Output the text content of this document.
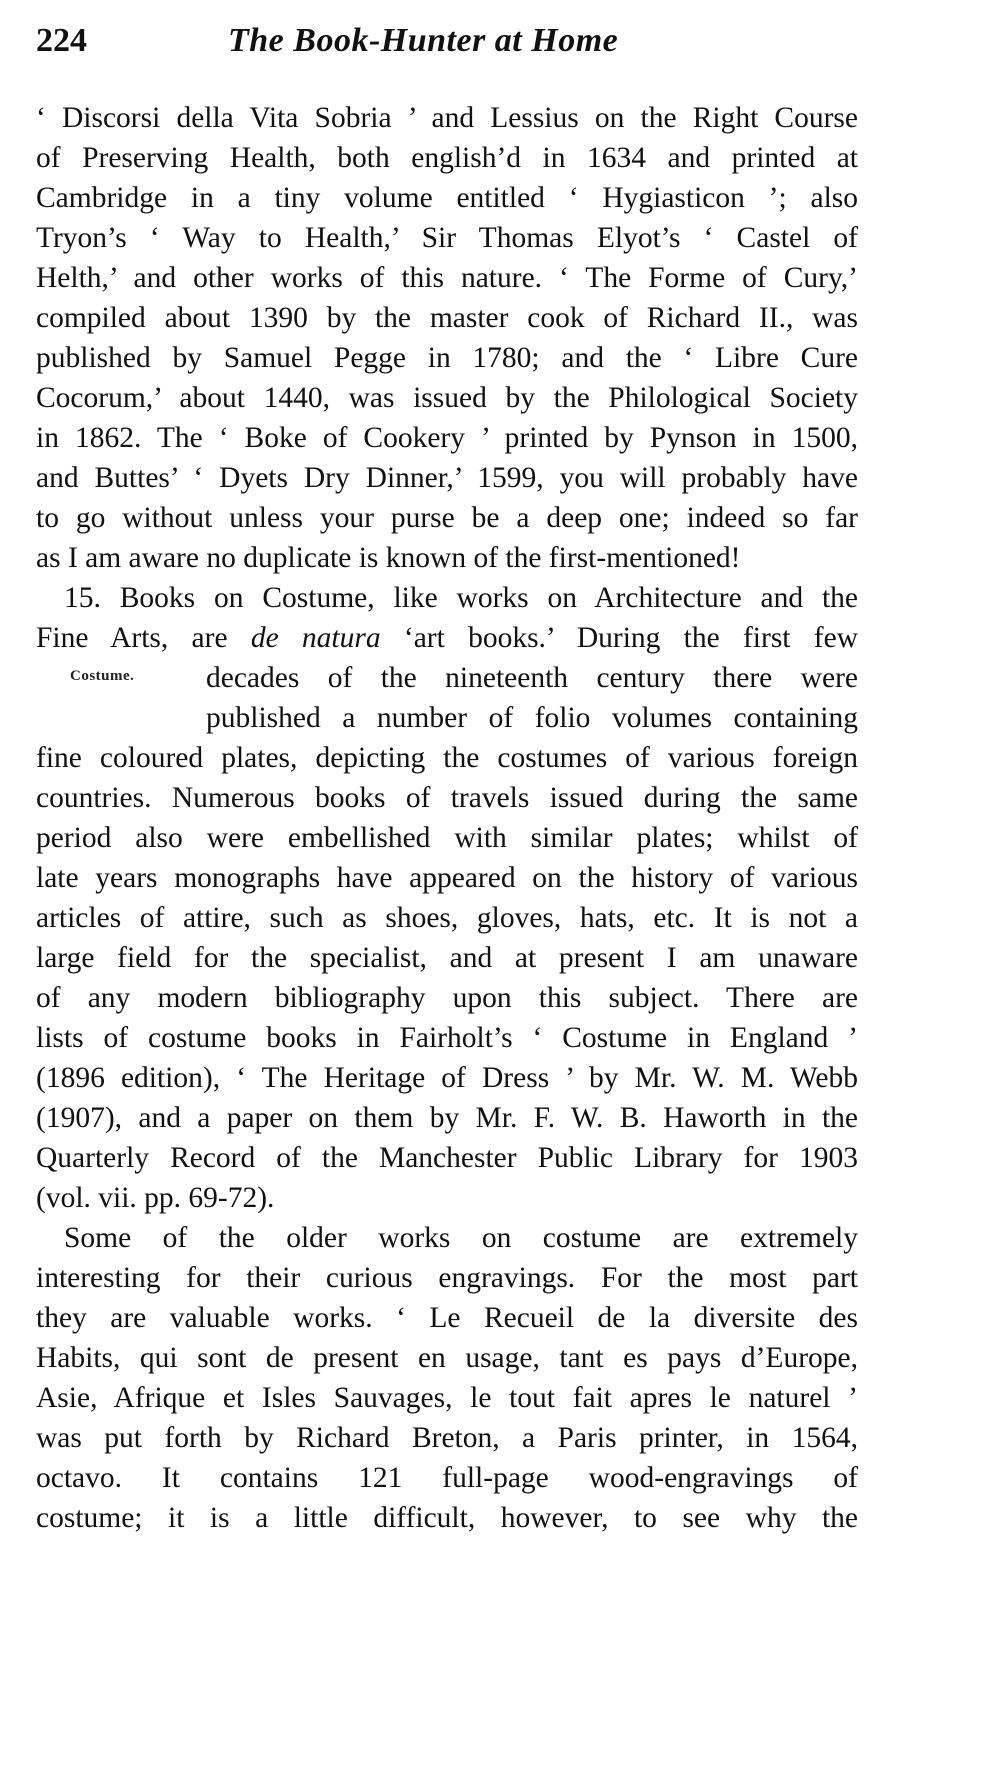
224	The Book-Hunter at Home
‘ Discorsi della Vita Sobria ’ and Lessius on the Right Course
of Preserving Health, both english’d in 1634 and printed at
Cambridge in a tiny volume entitled ‘ Hygiasticon ’; also
Tryon’s ‘ Way to Health,’ Sir Thomas Elyot’s ‘ Castel of
Helth,’ and other works of this nature. ‘ The Forme of Cury,’
compiled about 1390 by the master cook of Richard II., was
published by Samuel Pegge in 1780; and the ‘ Libre Cure
Cocorum,’ about 1440, was issued by the Philological Society
in 1862. The ‘ Boke of Cookery ’ printed by Pynson in 1500,
and Buttes’ ‘ Dyets Dry Dinner,’ 1599, you will probably have
to go without unless your purse be a deep one; indeed so far
as I am aware no duplicate is known of the first-mentioned!
Costume.
15. Books on Costume, like works on Architecture and the
Fine Arts, are de natura ‘art books.’ During the first few
decades of the nineteenth century there were
published a number of folio volumes containing
fine coloured plates, depicting the costumes of various foreign
countries. Numerous books of travels issued during the same
period also were embellished with similar plates; whilst of
late years monographs have appeared on the history of various
articles of attire, such as shoes, gloves, hats, etc. It is not a
large field for the specialist, and at present I am unaware
of any modern bibliography upon this subject. There are
lists of costume books in Fairholt’s ‘ Costume in England ’
(1896 edition), ‘ The Heritage of Dress ’ by Mr. W. M. Webb
(1907), and a paper on them by Mr. F. W. B. Haworth in the
Quarterly Record of the Manchester Public Library for 1903
(vol. vii. pp. 69-72).
Some of the older works on costume are extremely
interesting for their curious engravings. For the most part
they are valuable works. ‘ Le Recueil de la diversite des
Habits, qui sont de present en usage, tant es pays d’Europe,
Asie, Afrique et Isles Sauvages, le tout fait apres le naturel ’
was put forth by Richard Breton, a Paris printer, in 1564,
octavo. It contains 121 full-page wood-engravings of
costume; it is a little difficult, however, to see why the
